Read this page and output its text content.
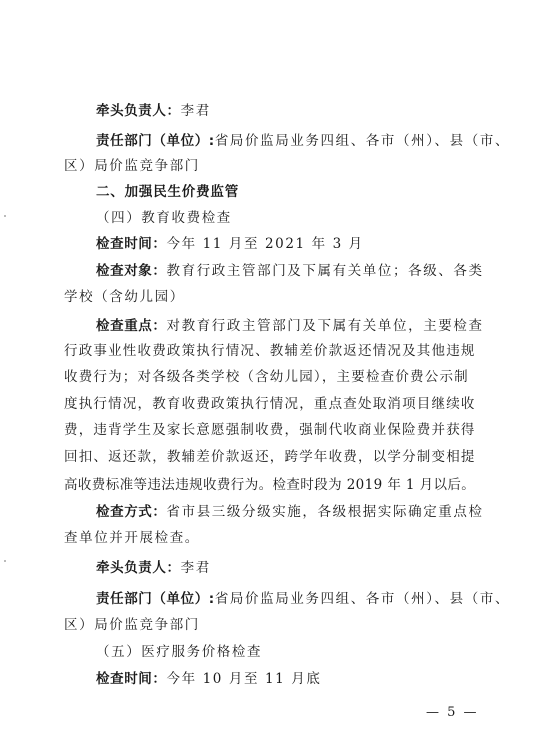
牵头负责人：李君
责任部门（单位）:省局价监局业务四组、各市（州）、县（市、
区）局价监竞争部门
二、加强民生价费监管
（四）教育收费检查
检查时间：今年 11 月至 2021 年 3 月
检查对象：教育行政主管部门及下属有关单位；各级、各类
学校（含幼儿园）
检查重点：对教育行政主管部门及下属有关单位，主要检查
行政事业性收费政策执行情况、教辅差价款返还情况及其他违规
收费行为；对各级各类学校（含幼儿园），主要检查价费公示制
度执行情况，教育收费政策执行情况，重点查处取消项目继续收
费，违背学生及家长意愿强制收费，强制代收商业保险费并获得
回扣、返还款，教辅差价款返还，跨学年收费，以学分制变相提
高收费标准等违法违规收费行为。检查时段为 2019 年 1 月以后。
检查方式：省市县三级分级实施，各级根据实际确定重点检
查单位并开展检查。
牵头负责人：李君
责任部门（单位）:省局价监局业务四组、各市（州）、县（市、
区）局价监竞争部门
（五）医疗服务价格检查
检查时间：今年 10 月至 11 月底
— 5 —
